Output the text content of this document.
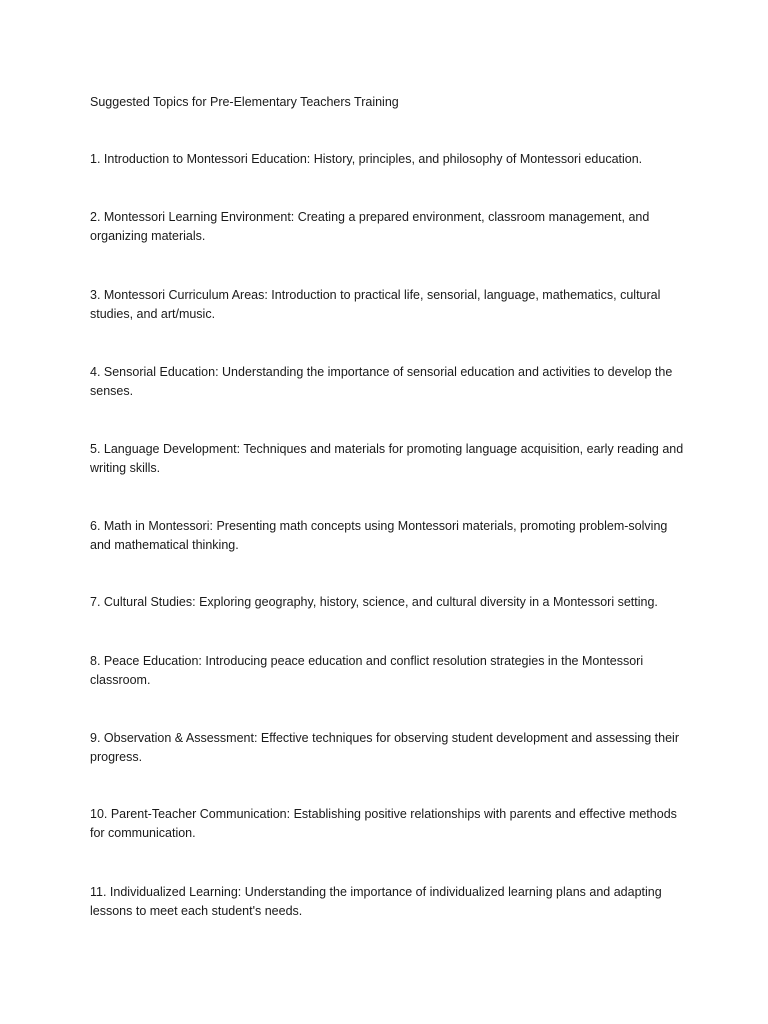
Suggested Topics for Pre-Elementary Teachers Training
1. Introduction to Montessori Education: History, principles, and philosophy of Montessori education.
2. Montessori Learning Environment: Creating a prepared environment, classroom management, and organizing materials.
3. Montessori Curriculum Areas: Introduction to practical life, sensorial, language, mathematics, cultural studies, and art/music.
4. Sensorial Education: Understanding the importance of sensorial education and activities to develop the senses.
5. Language Development: Techniques and materials for promoting language acquisition, early reading and writing skills.
6. Math in Montessori: Presenting math concepts using Montessori materials, promoting problem-solving and mathematical thinking.
7. Cultural Studies: Exploring geography, history, science, and cultural diversity in a Montessori setting.
8. Peace Education: Introducing peace education and conflict resolution strategies in the Montessori classroom.
9. Observation & Assessment: Effective techniques for observing student development and assessing their progress.
10. Parent-Teacher Communication: Establishing positive relationships with parents and effective methods for communication.
11. Individualized Learning: Understanding the importance of individualized learning plans and adapting lessons to meet each student's needs.
